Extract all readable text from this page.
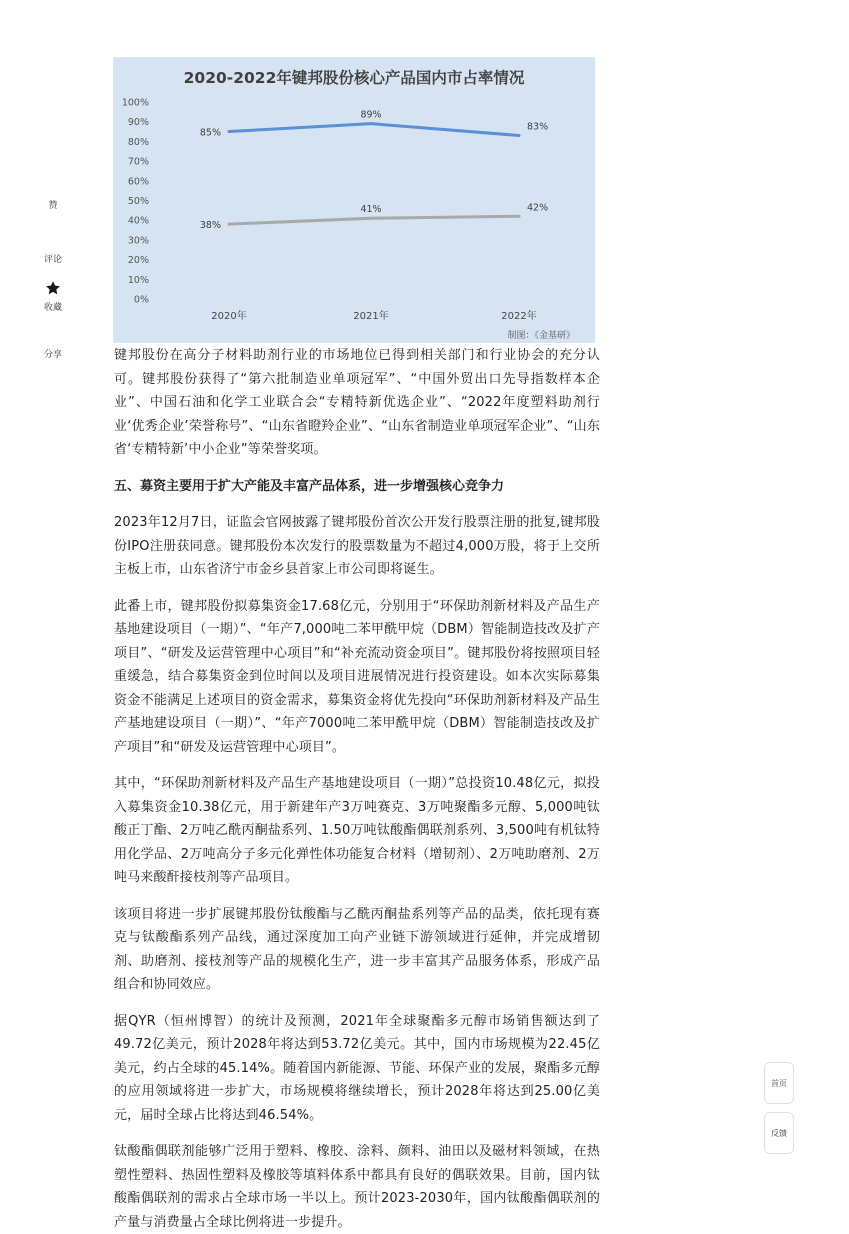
赞
评论
收藏
分享
2020-2022年键邦股份核心产品国内市占率情况
0%
10%
20%
30%
40%
50%
60%
70%
80%
90%
100%
2020年	2021年	2022年
85%
89%
83%
38%
41%	42%
制图：《金基研》

键邦股份在高分子材料助剂行业的市场地位已得到相关部门和行业协会的充分认可。键邦股份获得了“第六批制造业单项冠军”、“中国外贸出口先导指数样本企业”、中国石油和化学工业联合会“专精特新优选企业”、“2022年度塑料助剂行业‘优秀企业’荣誉称号”、“山东省瞪羚企业”、“山东省制造业单项冠军企业”、“山东省‘专精特新’中小企业”等荣誉奖项。

五、募资主要用于扩大产能及丰富产品体系，进一步增强核心竞争力

2023年12月7日，证监会官网披露了键邦股份首次公开发行股票注册的批复,键邦股份IPO注册获同意。键邦股份本次发行的股票数量为不超过4,000万股，将于上交所主板上市，山东省济宁市金乡县首家上市公司即将诞生。

此番上市，键邦股份拟募集资金17.68亿元，分别用于“环保助剂新材料及产品生产基地建设项目（一期）”、“年产7,000吨二苯甲酰甲烷（DBM）智能制造技改及扩产项目”、“研发及运营管理中心项目”和“补充流动资金项目”。键邦股份将按照项目轻重缓急，结合募集资金到位时间以及项目进展情况进行投资建设。如本次实际募集资金不能满足上述项目的资金需求，募集资金将优先投向“环保助剂新材料及产品生产基地建设项目（一期）”、“年产7000吨二苯甲酰甲烷（DBM）智能制造技改及扩产项目”和“研发及运营管理中心项目”。

其中，“环保助剂新材料及产品生产基地建设项目（一期）”总投资10.48亿元，拟投入募集资金10.38亿元，用于新建年产3万吨赛克、3万吨聚酯多元醇、5,000吨钛酸正丁酯、2万吨乙酰丙酮盐系列、1.50万吨钛酸酯偶联剂系列、3,500吨有机钛特用化学品、2万吨高分子多元化弹性体功能复合材料（增韧剂）、2万吨助磨剂、2万吨马来酸酐接枝剂等产品项目。

该项目将进一步扩展键邦股份钛酸酯与乙酰丙酮盐系列等产品的品类，依托现有赛克与钛酸酯系列产品线，通过深度加工向产业链下游领域进行延伸，并完成增韧剂、助磨剂、接枝剂等产品的规模化生产，进一步丰富其产品服务体系，形成产品组合和协同效应。

据QYR（恒州博智）的统计及预测，2021年全球聚酯多元醇市场销售额达到了49.72亿美元，预计2028年将达到53.72亿美元。其中，国内市场规模为22.45亿美元，约占全球的45.14%。随着国内新能源、节能、环保产业的发展，聚酯多元醇的应用领域将进一步扩大，市场规模将继续增长，预计2028年将达到25.00亿美元，届时全球占比将达到46.54%。

钛酸酯偶联剂能够广泛用于塑料、橡胶、涂料、颜料、油田以及磁材料领域，在热塑性塑料、热固性塑料及橡胶等填料体系中都具有良好的偶联效果。目前，国内钛酸酯偶联剂的需求占全球市场一半以上。预计2023-2030年，国内钛酸酯偶联剂的产量与消费量占全球比例将进一步提升。

首页
反馈
